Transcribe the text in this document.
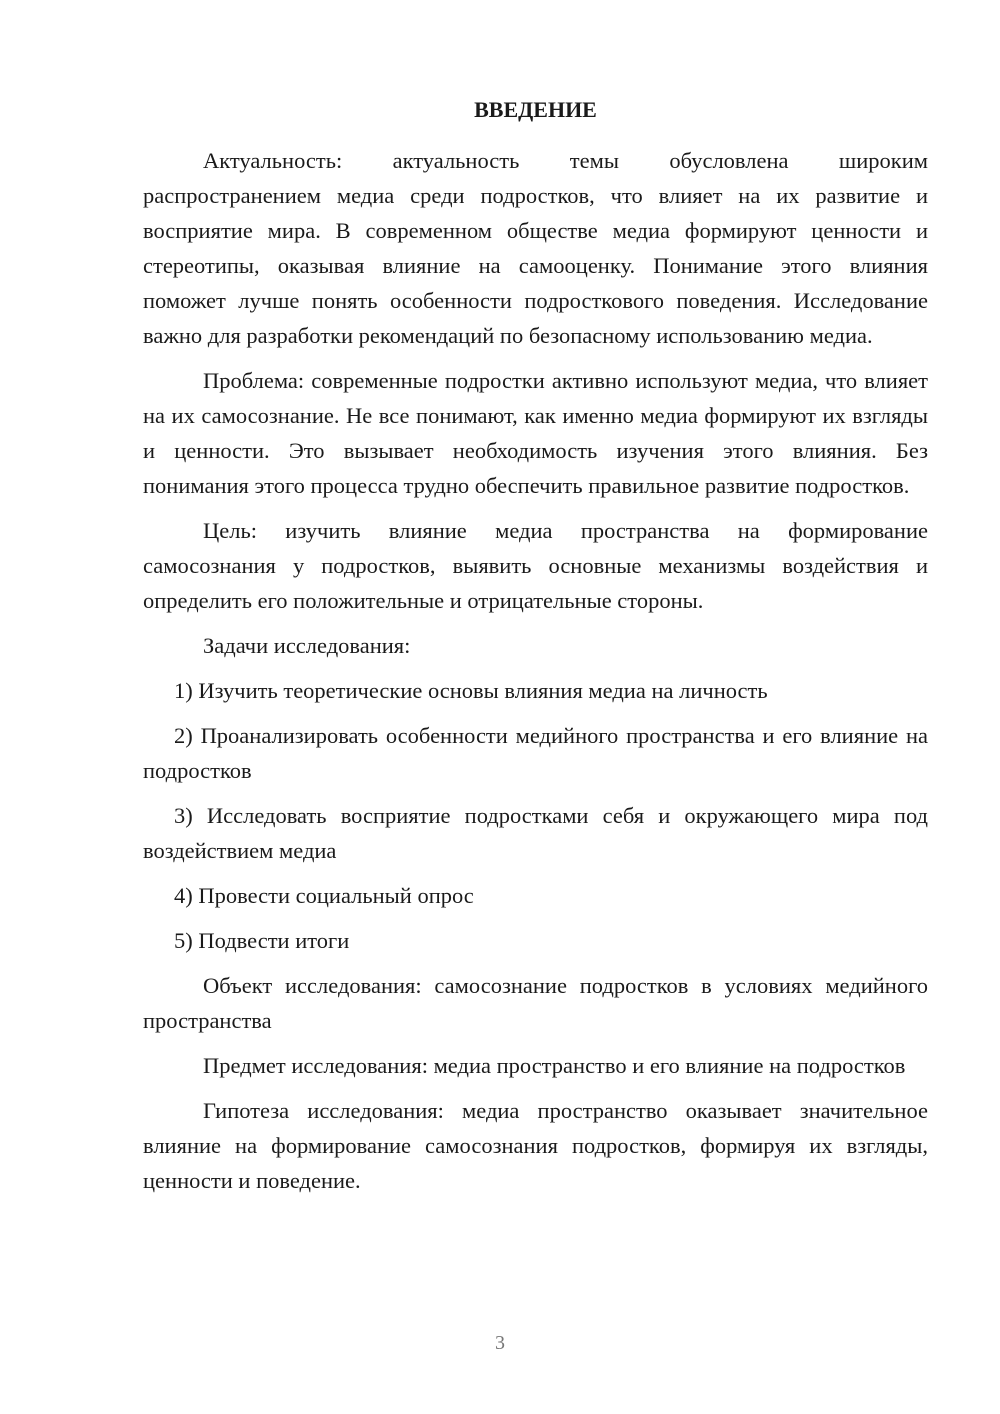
ВВЕДЕНИЕ

Актуальность: актуальность темы обусловлена широким распространением медиа среди подростков, что влияет на их развитие и восприятие мира. В современном обществе медиа формируют ценности и стереотипы, оказывая влияние на самооценку. Понимание этого влияния поможет лучше понять особенности подросткового поведения. Исследование важно для разработки рекомендаций по безопасному использованию медиа.

Проблема: современные подростки активно используют медиа, что влияет на их самосознание. Не все понимают, как именно медиа формируют их взгляды и ценности. Это вызывает необходимость изучения этого влияния. Без понимания этого процесса трудно обеспечить правильное развитие подростков.

Цель: изучить влияние медиа пространства на формирование самосознания у подростков, выявить основные механизмы воздействия и определить его положительные и отрицательные стороны.

Задачи исследования:

1) Изучить теоретические основы влияния медиа на личность

2) Проанализировать особенности медийного пространства и его влияние на подростков

3) Исследовать восприятие подростками себя и окружающего мира под воздействием медиа

4) Провести социальный опрос

5) Подвести итоги

Объект исследования: самосознание подростков в условиях медийного пространства

Предмет исследования: медиа пространство и его влияние на подростков

Гипотеза исследования: медиа пространство оказывает значительное влияние на формирование самосознания подростков, формируя их взгляды, ценности и поведение.

3
